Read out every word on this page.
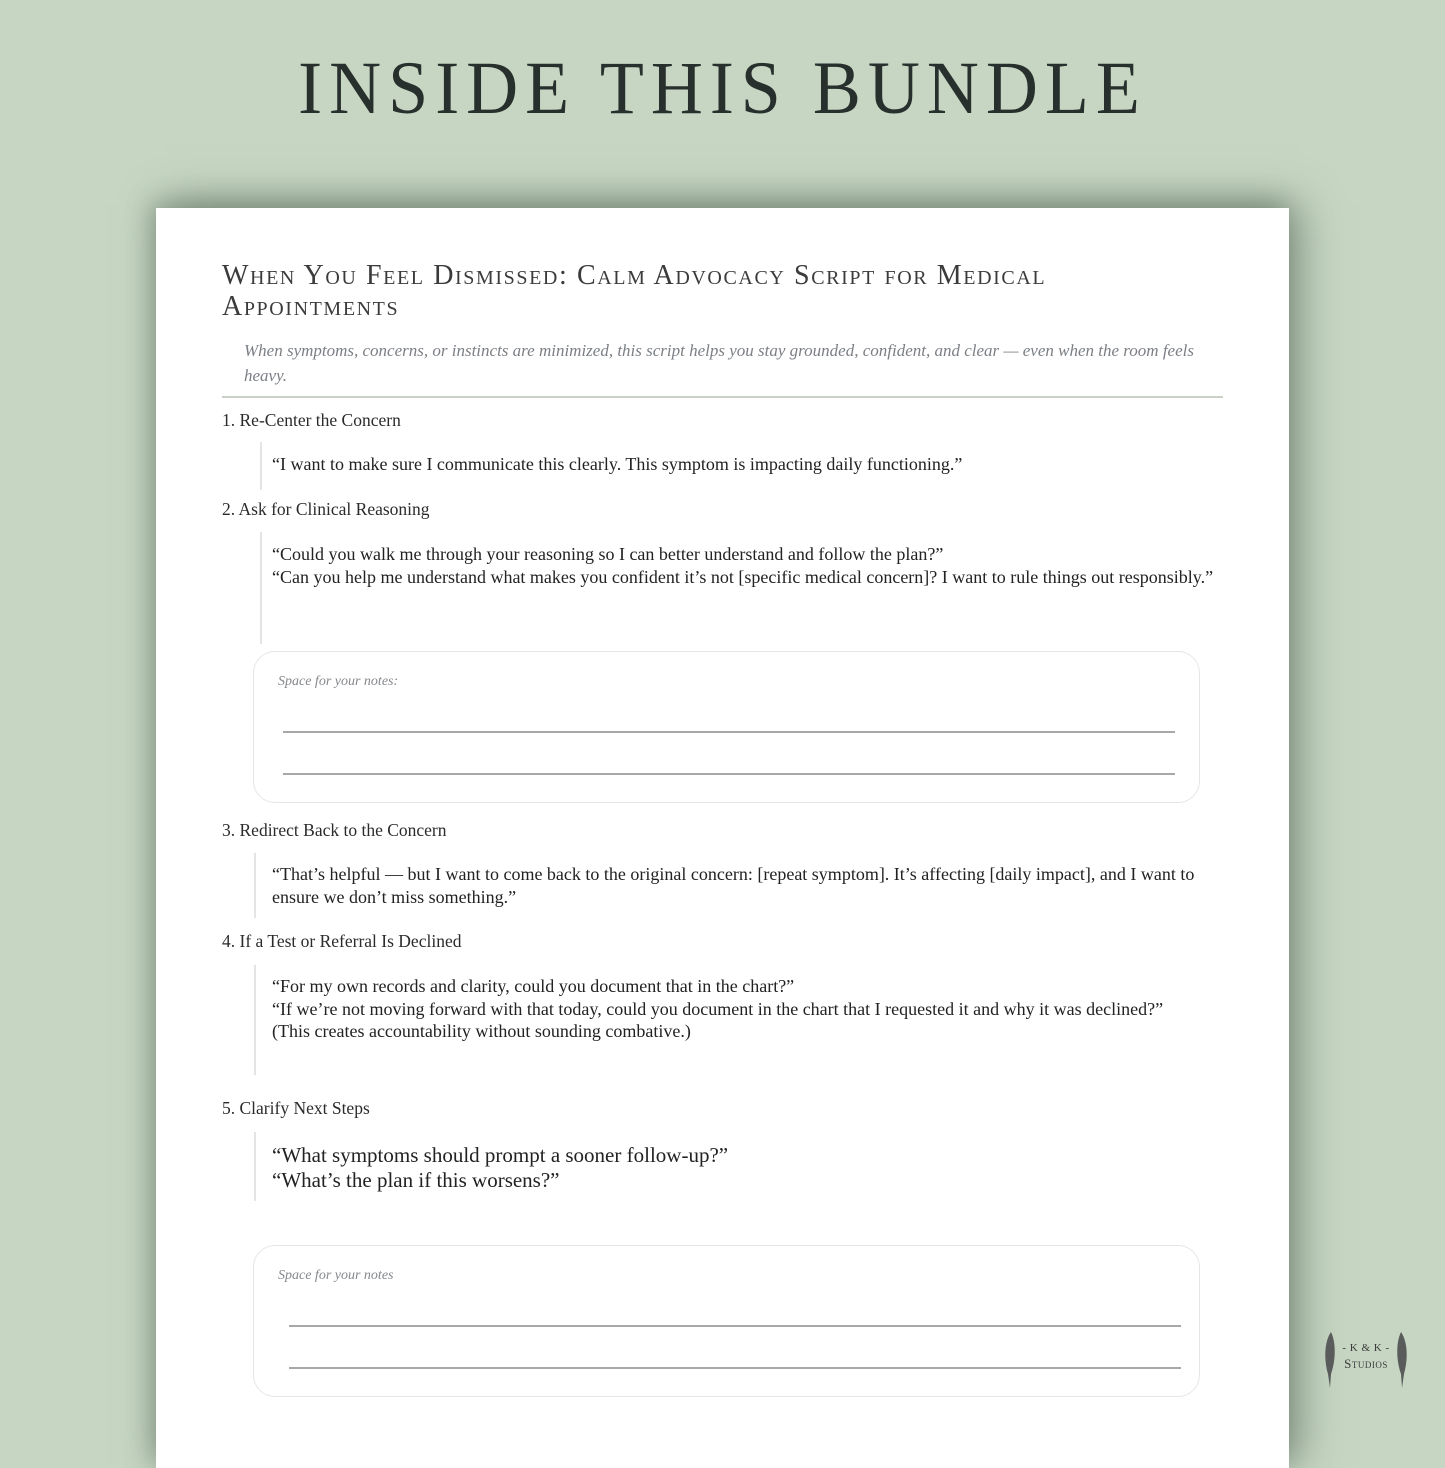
INSIDE THIS BUNDLE
When You Feel Dismissed: Calm Advocacy Script for Medical Appointments
When symptoms, concerns, or instincts are minimized, this script helps you stay grounded, confident, and clear — even when the room feels heavy.
1. Re-Center the Concern
“I want to make sure I communicate this clearly. This symptom is impacting daily functioning.”
2. Ask for Clinical Reasoning
“Could you walk me through your reasoning so I can better understand and follow the plan?”
“Can you help me understand what makes you confident it’s not [specific medical concern]? I want to rule things out responsibly.”
Space for your notes:
3. Redirect Back to the Concern
“That’s helpful — but I want to come back to the original concern: [repeat symptom]. It’s affecting [daily impact], and I want to ensure we don’t miss something.”
4. If a Test or Referral Is Declined
“For my own records and clarity, could you document that in the chart?”
“If we’re not moving forward with that today, could you document in the chart that I requested it and why it was declined?”
(This creates accountability without sounding combative.)
5. Clarify Next Steps
“What symptoms should prompt a sooner follow-up?”
“What’s the plan if this worsens?”
Space for your notes
- K & K -
Studios
